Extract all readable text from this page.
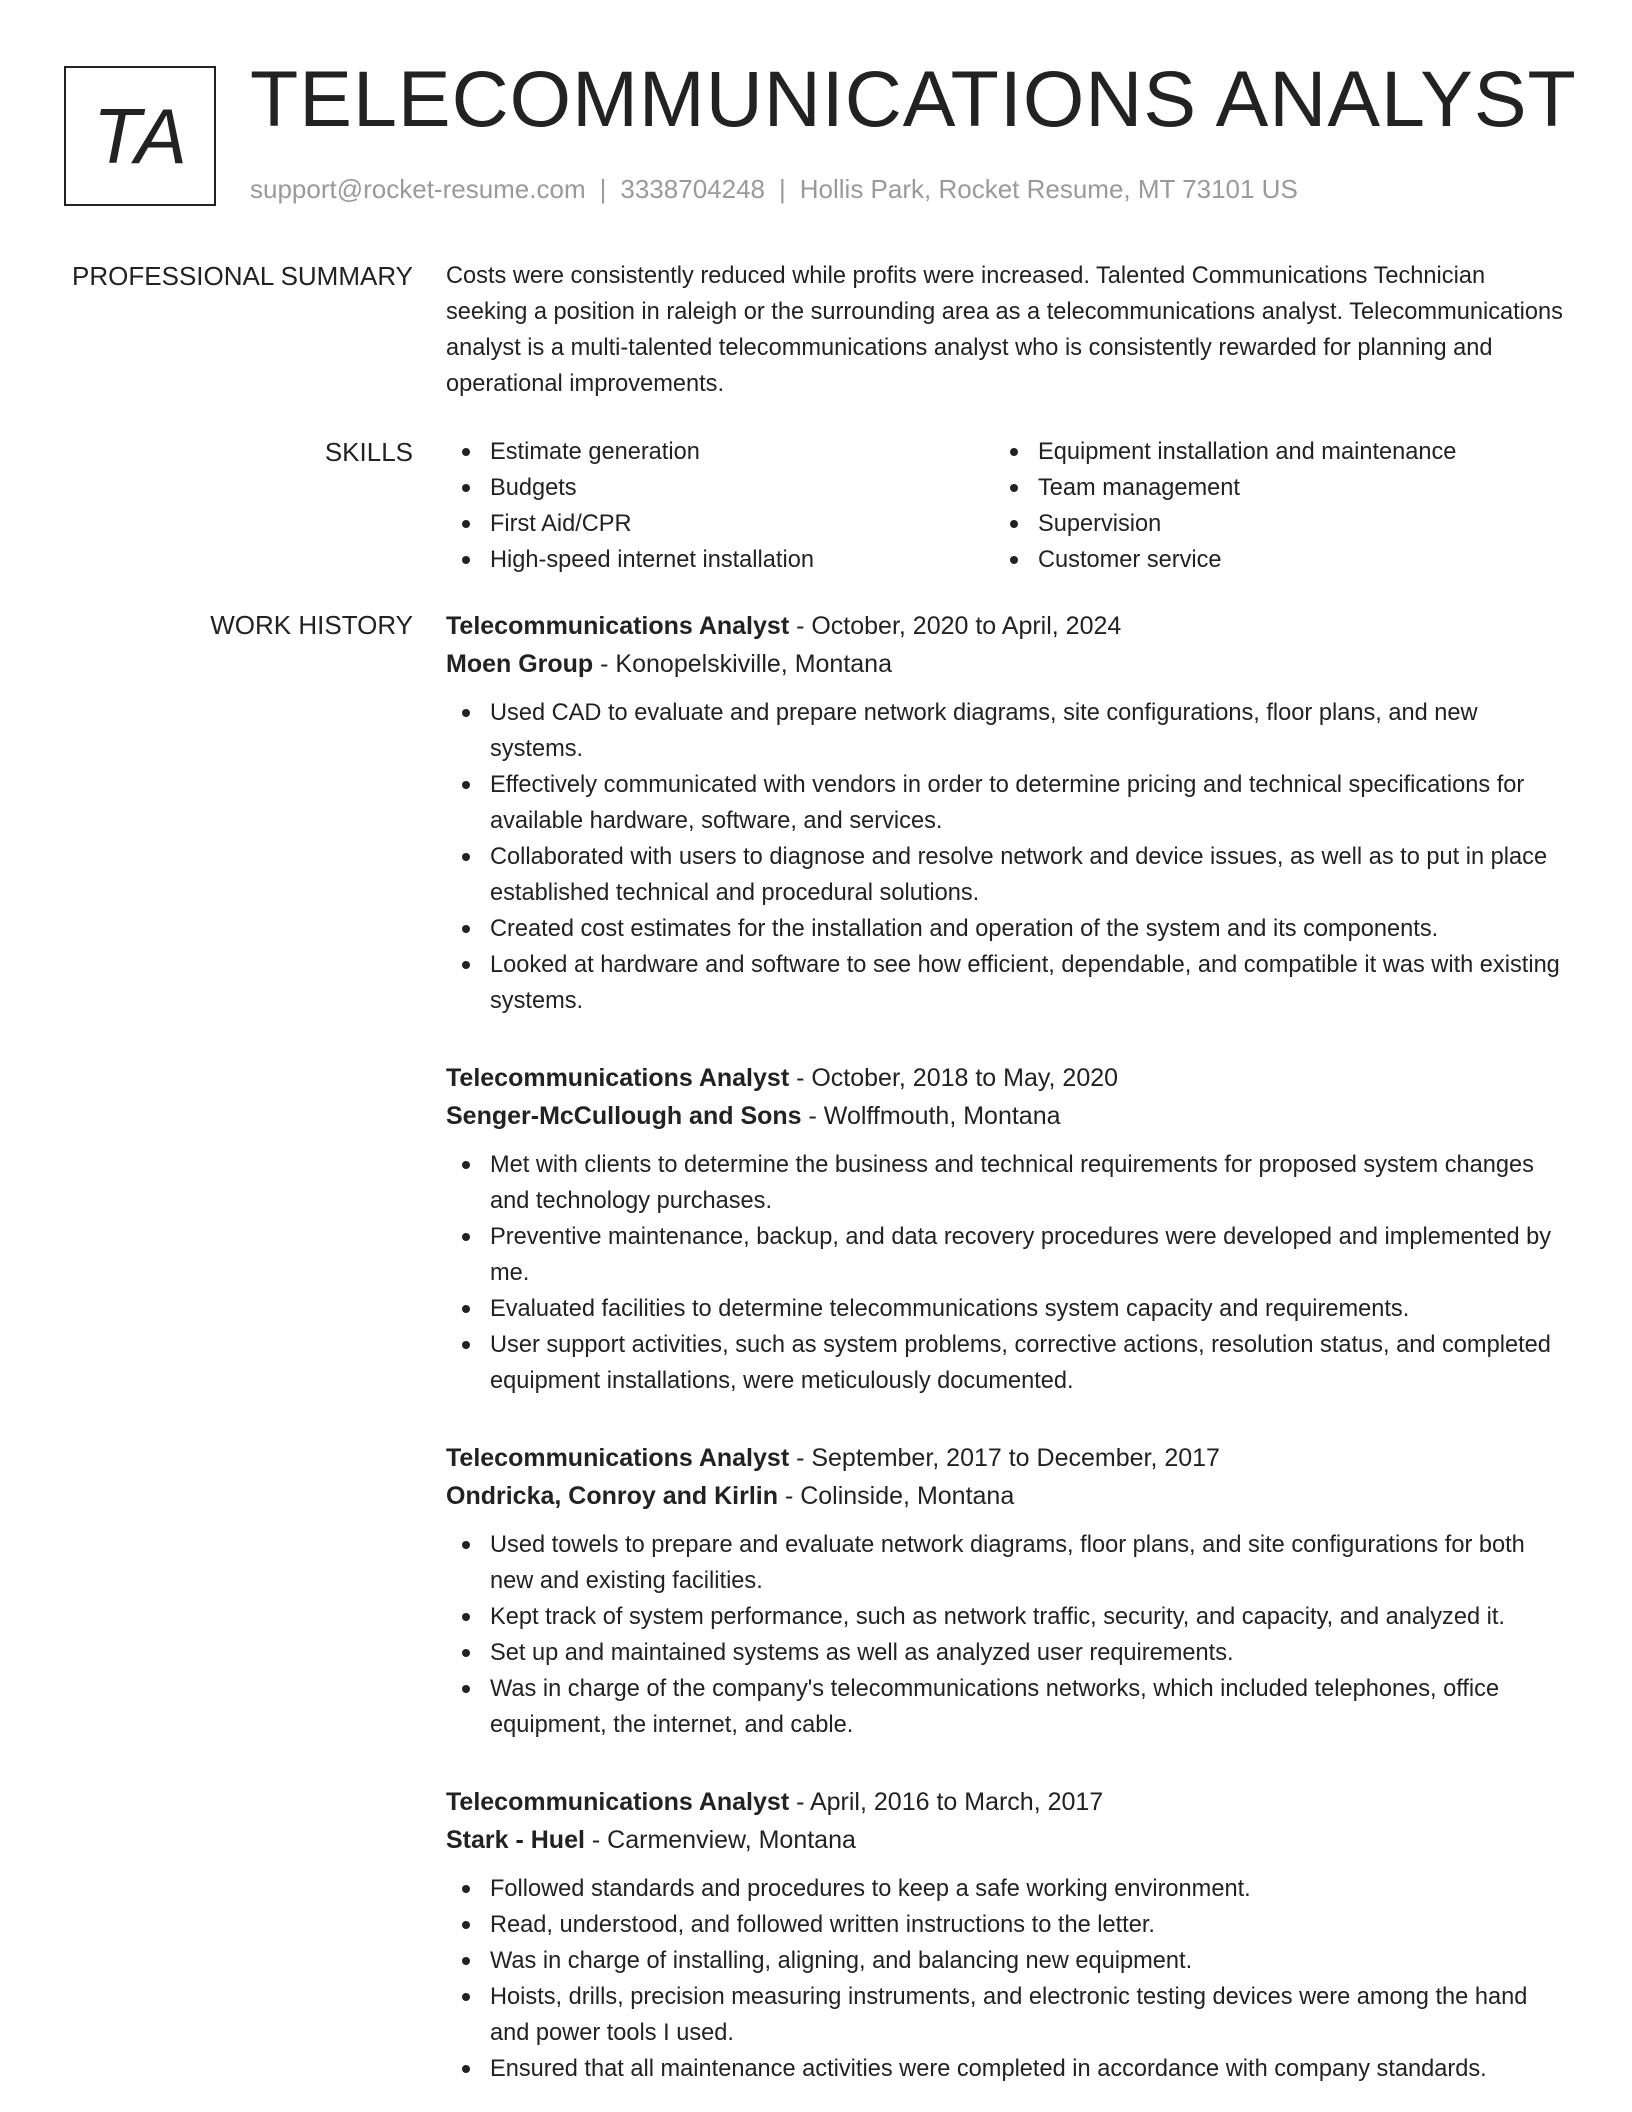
TA TELECOMMUNICATIONS ANALYST
support@rocket-resume.com | 3338704248 | Hollis Park, Rocket Resume, MT 73101 US
PROFESSIONAL SUMMARY Costs were consistently reduced while profits were increased. Talented Communications Technician seeking a position in raleigh or the surrounding area as a telecommunications analyst. Telecommunications analyst is a multi-talented telecommunications analyst who is consistently rewarded for planning and operational improvements.

SKILLS	Estimate generation
Budgets
First Aid/CPR
High-speed internet installation
Equipment installation and maintenance
Team management
Supervision
Customer service
WORK HISTORY Telecommunications Analyst - October, 2020 to April, 2024
Moen Group - Konopelskiville, Montana
Used CAD to evaluate and prepare network diagrams, site configurations, floor plans, and new systems.
Effectively communicated with vendors in order to determine pricing and technical specifications for available hardware, software, and services.
Collaborated with users to diagnose and resolve network and device issues, as well as to put in place established technical and procedural solutions.
Created cost estimates for the installation and operation of the system and its components.
Looked at hardware and software to see how efficient, dependable, and compatible it was with existing systems.
Telecommunications Analyst - October, 2018 to May, 2020
Senger-McCullough and Sons - Wolffmouth, Montana
Met with clients to determine the business and technical requirements for proposed system changes and technology purchases.
Preventive maintenance, backup, and data recovery procedures were developed and implemented by me.
Evaluated facilities to determine telecommunications system capacity and requirements.
User support activities, such as system problems, corrective actions, resolution status, and completed equipment installations, were meticulously documented.
Telecommunications Analyst - September, 2017 to December, 2017
Ondricka, Conroy and Kirlin - Colinside, Montana
Used towels to prepare and evaluate network diagrams, floor plans, and site configurations for both new and existing facilities.
Kept track of system performance, such as network traffic, security, and capacity, and analyzed it.
Set up and maintained systems as well as analyzed user requirements.
Was in charge of the company's telecommunications networks, which included telephones, office equipment, the internet, and cable.
Telecommunications Analyst - April, 2016 to March, 2017
Stark - Huel - Carmenview, Montana
Followed standards and procedures to keep a safe working environment.
Read, understood, and followed written instructions to the letter.
Was in charge of installing, aligning, and balancing new equipment.
Hoists, drills, precision measuring instruments, and electronic testing devices were among the hand and power tools I used.
Ensured that all maintenance activities were completed in accordance with company standards.
